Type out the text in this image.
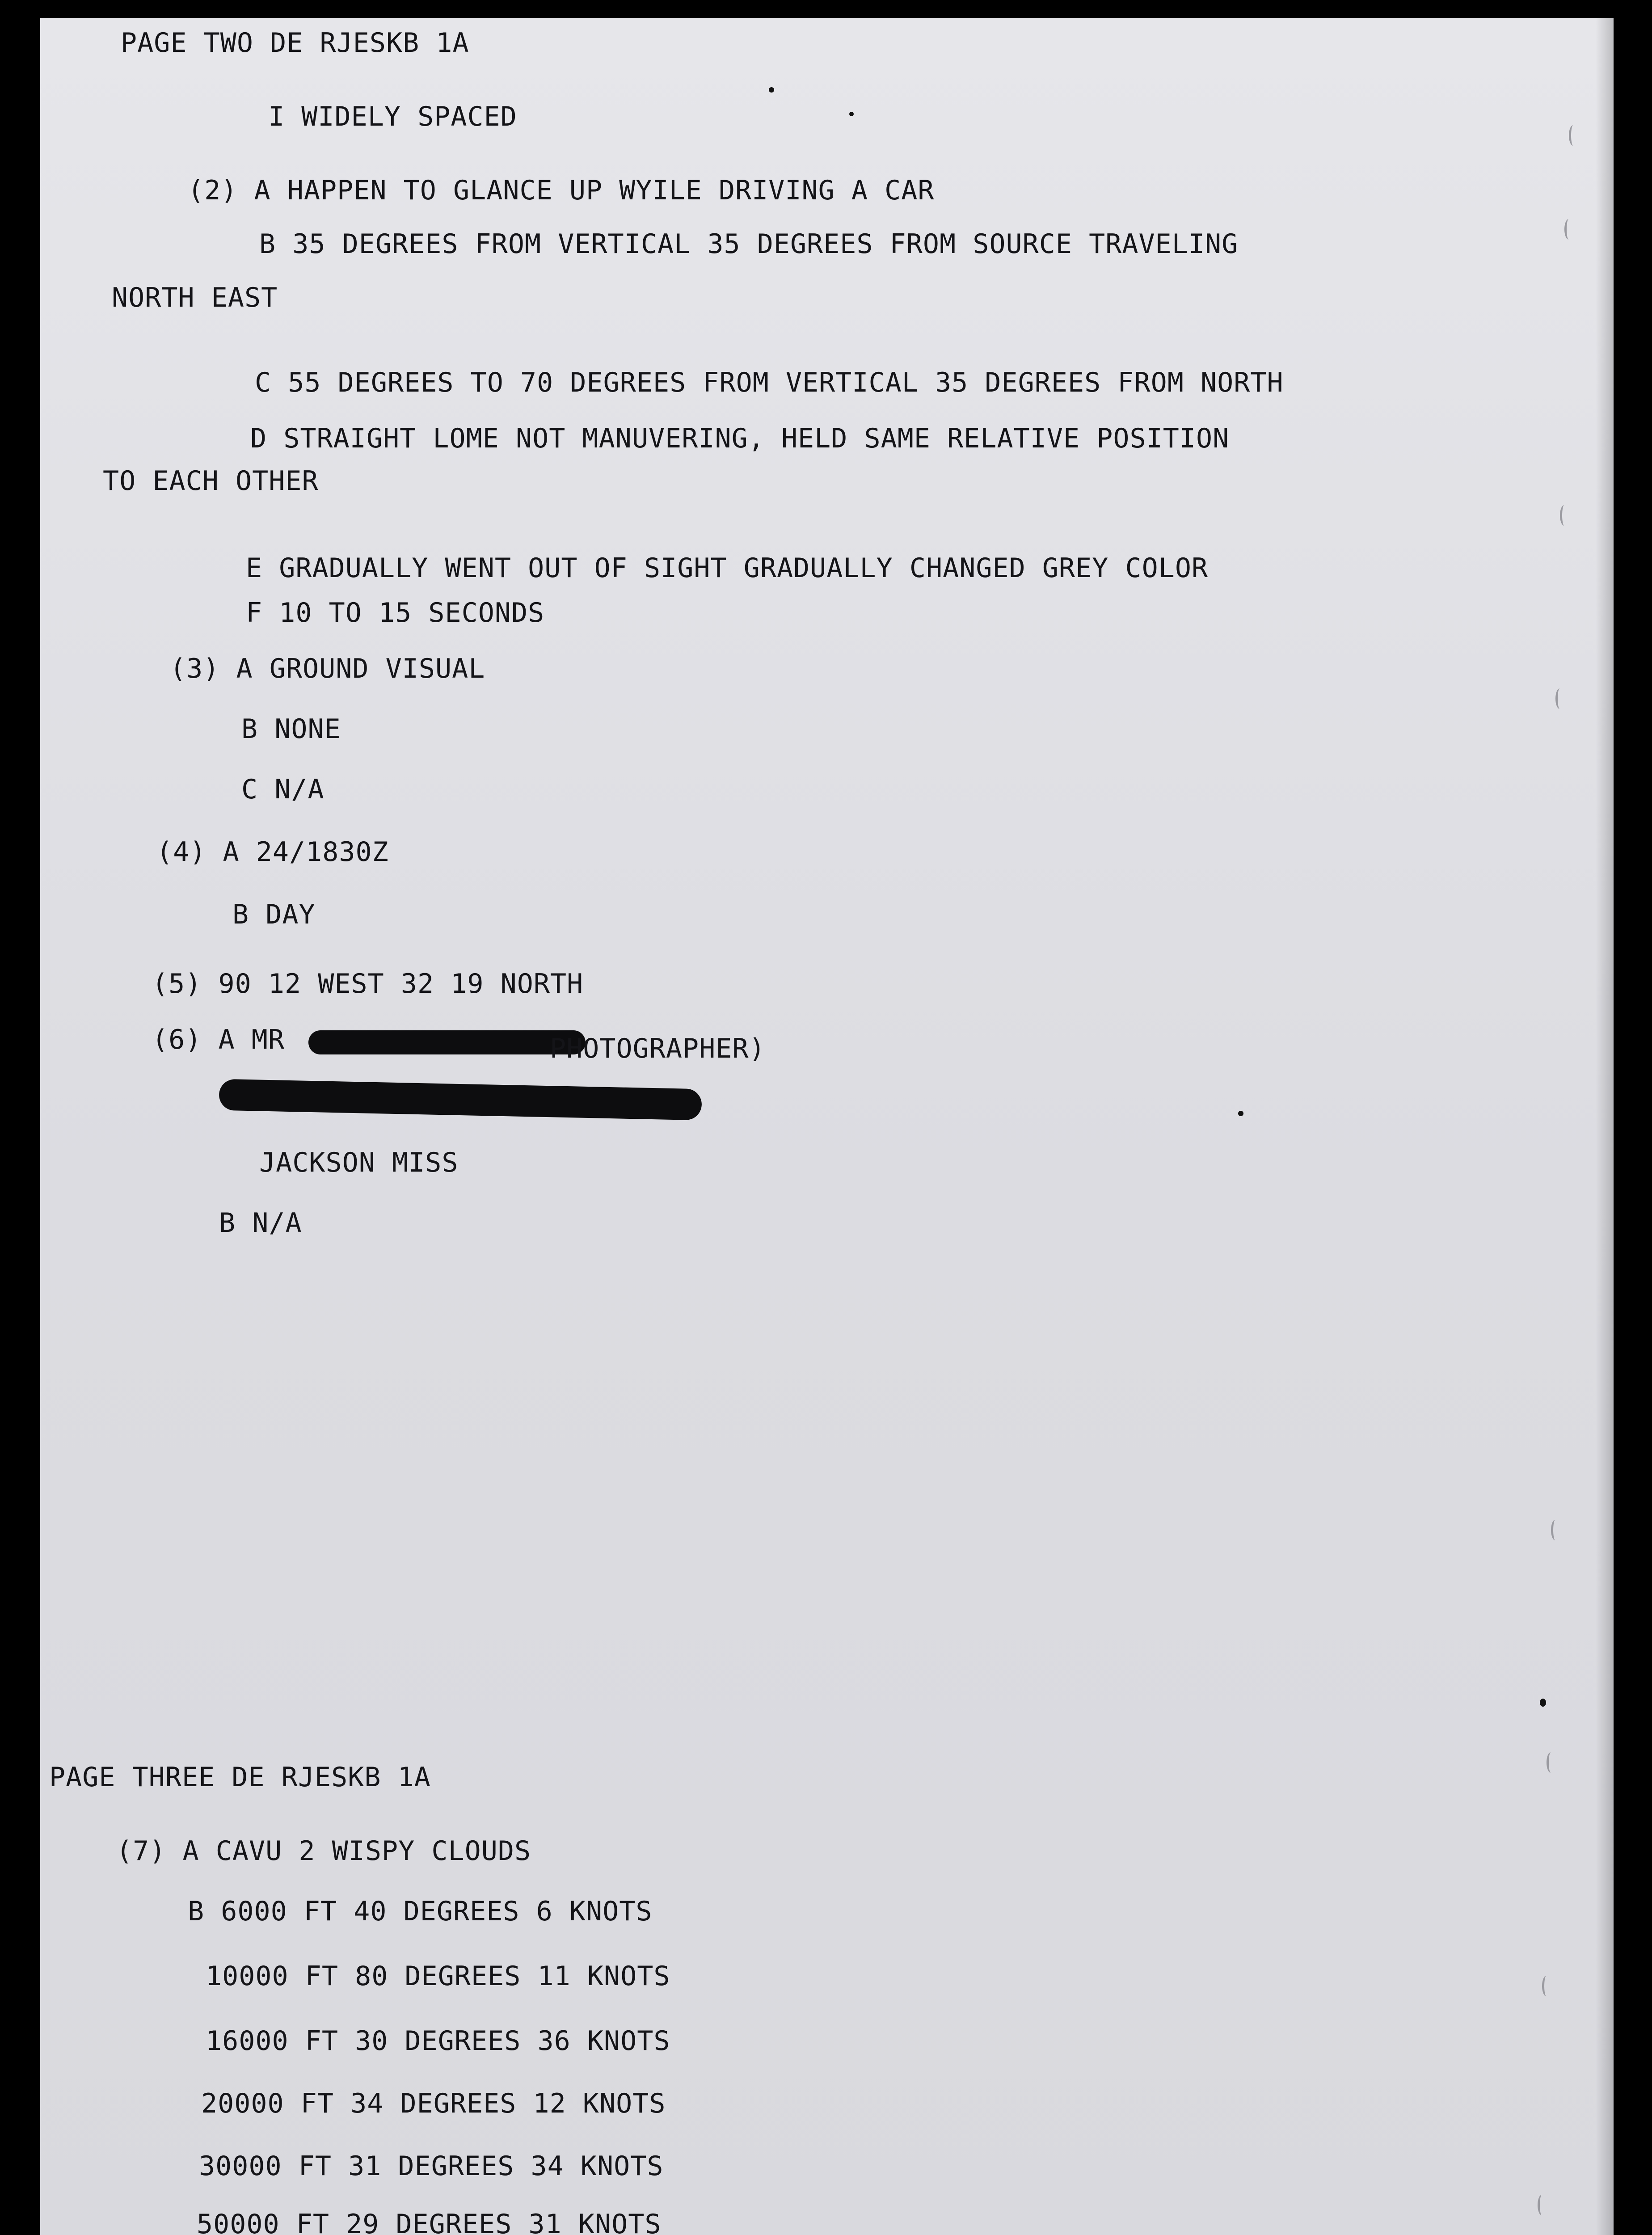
PAGE TWO DE RJESKB 1A

I WIDELY SPACED

(2) A HAPPEN TO GLANCE UP WYILE DRIVING A CAR

B 35 DEGREES FROM VERTICAL 35 DEGREES FROM SOURCE TRAVELING

NORTH EAST

C 55 DEGREES TO 70 DEGREES FROM VERTICAL 35 DEGREES FROM NORTH

D STRAIGHT LOME NOT MANUVERING, HELD SAME RELATIVE POSITION

TO EACH OTHER

E GRADUALLY WENT OUT OF SIGHT GRADUALLY CHANGED GREY COLOR

F 10 TO 15 SECONDS

(3) A GROUND VISUAL

B NONE

C N/A

(4) A 24/1830Z

B DAY

(5) 90 12 WEST 32 19 NORTH

(6) A MR	PHOTOGRAPHER)

JACKSON MISS

B N/A

PAGE THREE DE RJESKB 1A

(7) A CAVU 2 WISPY CLOUDS

B 6000 FT 40 DEGREES 6 KNOTS

10000 FT 80 DEGREES 11 KNOTS

16000 FT 30 DEGREES 36 KNOTS

20000 FT 34 DEGREES 12 KNOTS

30000 FT 31 DEGREES 34 KNOTS

50000 FT 29 DEGREES 31 KNOTS
